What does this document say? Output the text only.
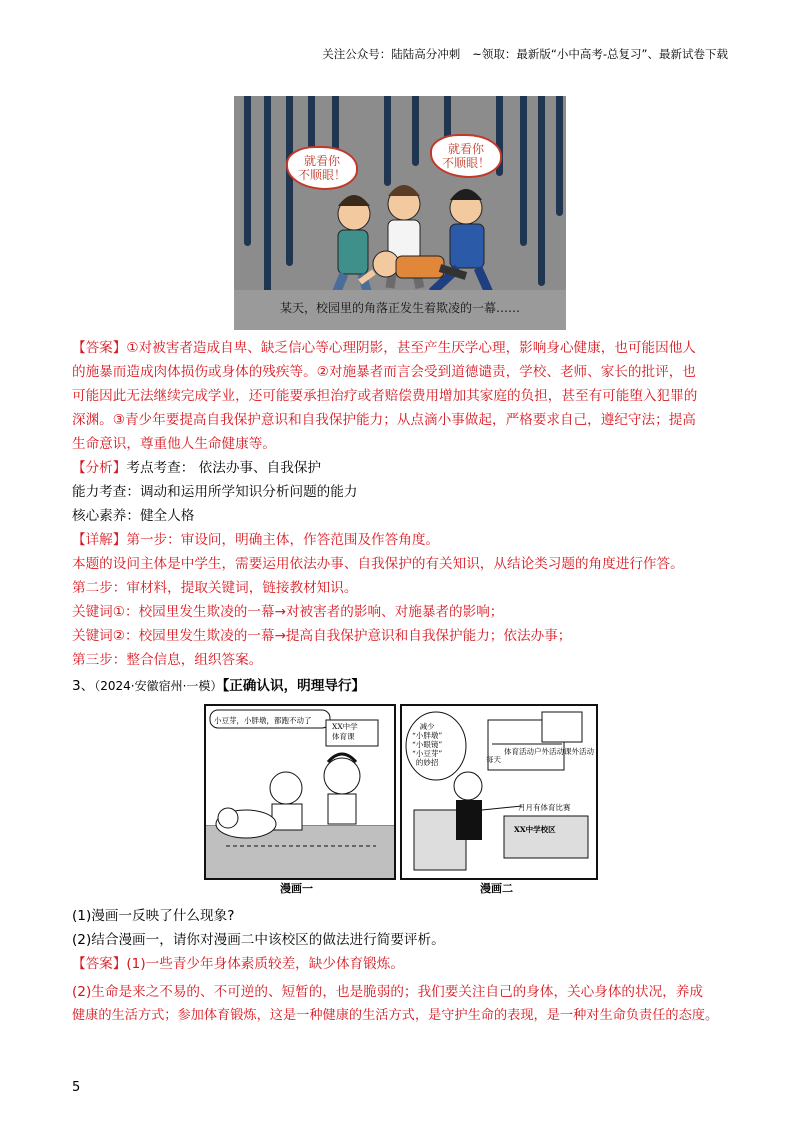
关注公众号：陆陆高分冲刺 ~领取：最新版“小中高考-总复习”、最新试卷下载
就看你
不顺眼！
就看你
不顺眼！
某天，校园里的角落正发生着欺凌的一幕……
【答案】①对被害者造成自卑、缺乏信心等心理阴影，甚至产生厌学心理，影响身心健康，也可能因他人
的施暴而造成肉体损伤或身体的残疾等。②对施暴者而言会受到道德谴责，学校、老师、家长的批评，也
可能因此无法继续完成学业，还可能要承担治疗或者赔偿费用增加其家庭的负担，甚至有可能堕入犯罪的
深渊。③青少年要提高自我保护意识和自我保护能力；从点滴小事做起，严格要求自己，遵纪守法；提高
生命意识，尊重他人生命健康等。
【分析】考点考查： 依法办事、自我保护
能力考查：调动和运用所学知识分析问题的能力
核心素养：健全人格
【详解】第一步：审设问，明确主体，作答范围及作答角度。
本题的设问主体是中学生，需要运用依法办事、自我保护的有关知识，从结论类习题的角度进行作答。
第二步：审材料，提取关键词，链接教材知识。
关键词①：校园里发生欺凌的一幕→对被害者的影响、对施暴者的影响；
关键词②：校园里发生欺凌的一幕→提高自我保护意识和自我保护能力；依法办事；
第三步：整合信息，组织答案。
3、（2024·安徽宿州·一模）【正确认识，明理导行】
小豆芽，小胖墩，都跑不动了
XX中学
体育课
减少
“小胖墩”
“小眼镜”
“小豆芽”
的妙招	每天
体育活动 户外活动 课外活动
月月有体育比赛
XX中学校区
漫画一	漫画二
(1)漫画一反映了什么现象?
(2)结合漫画一，请你对漫画二中该校区的做法进行简要评析。
【答案】(1)一些青少年身体素质较差，缺少体育锻炼。
(2)生命是来之不易的、不可逆的、短暂的，也是脆弱的；我们要关注自己的身体，关心身体的状况，养成
健康的生活方式；参加体育锻炼，这是一种健康的生活方式，是守护生命的表现，是一种对生命负责任的态度。
5
